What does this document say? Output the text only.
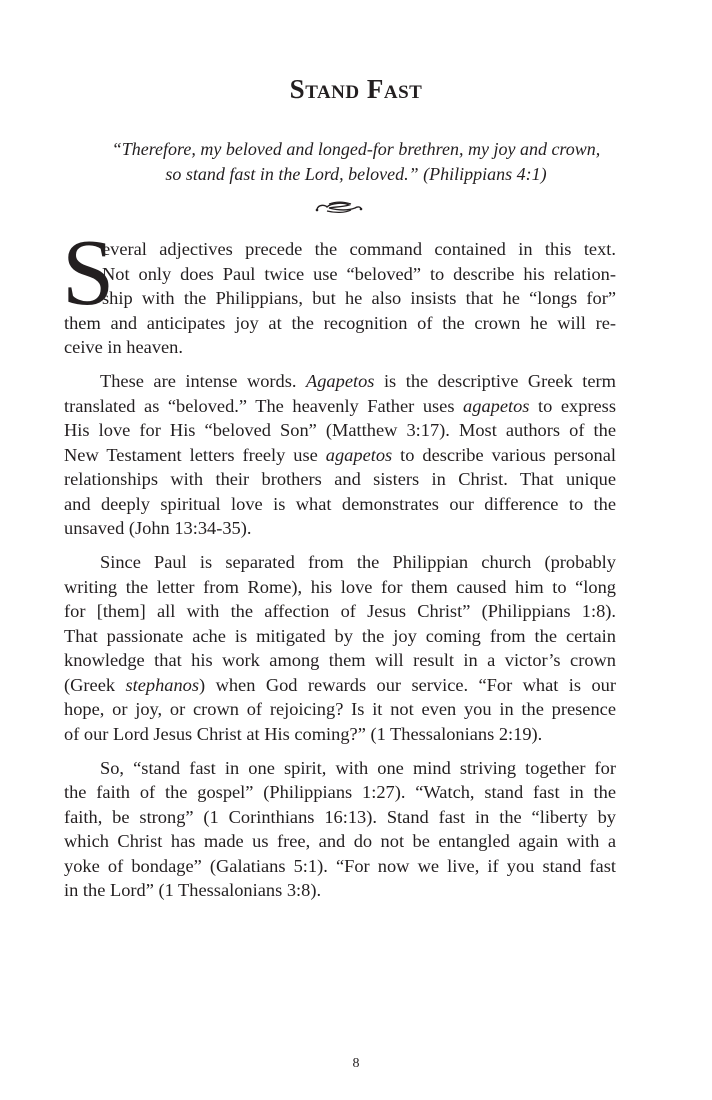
Stand Fast
“Therefore, my beloved and longed-for brethren, my joy and crown,
so stand fast in the Lord, beloved.” (Philippians 4:1)
S
everal adjectives precede the command contained in this text.
Not only does Paul twice use “beloved” to describe his relation-
ship with the Philippians, but he also insists that he “longs for”
them and anticipates joy at the recognition of the crown he will re-
ceive in heaven.
These are intense words. Agapetos is the descriptive Greek term
translated as “beloved.” The heavenly Father uses agapetos to express
His love for His “beloved Son” (Matthew 3:17). Most authors of the
New Testament letters freely use agapetos to describe various personal
relationships with their brothers and sisters in Christ. That unique
and deeply spiritual love is what demonstrates our difference to the
unsaved (John 13:34-35).
Since Paul is separated from the Philippian church (probably
writing the letter from Rome), his love for them caused him to “long
for [them] all with the affection of Jesus Christ” (Philippians 1:8).
That passionate ache is mitigated by the joy coming from the certain
knowledge that his work among them will result in a victor’s crown
(Greek stephanos) when God rewards our service. “For what is our
hope, or joy, or crown of rejoicing? Is it not even you in the presence
of our Lord Jesus Christ at His coming?” (1 Thessalonians 2:19).
So, “stand fast in one spirit, with one mind striving together for
the faith of the gospel” (Philippians 1:27). “Watch, stand fast in the
faith, be strong” (1 Corinthians 16:13). Stand fast in the “liberty by
which Christ has made us free, and do not be entangled again with a
yoke of bondage” (Galatians 5:1). “For now we live, if you stand fast
in the Lord” (1 Thessalonians 3:8).
8
